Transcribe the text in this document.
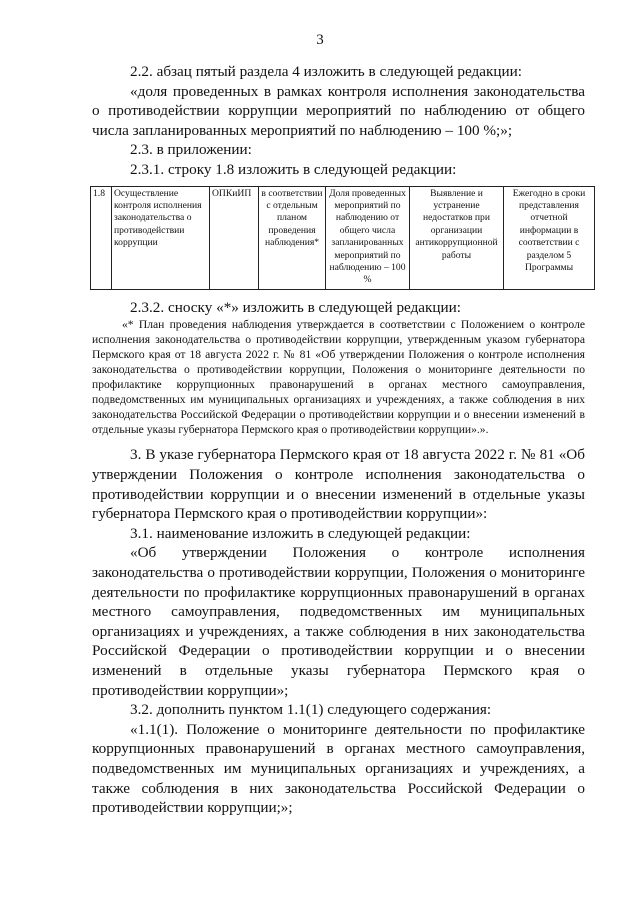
3

2.2. абзац пятый раздела 4 изложить в следующей редакции:

«доля проведенных в рамках контроля исполнения законодательства о противодействии коррупции мероприятий по наблюдению от общего числа запланированных мероприятий по наблюдению – 100 %;»;

2.3. в приложении:

2.3.1. строку 1.8 изложить в следующей редакции:

1.8	Осуществление контроля исполнения законодательства о противодействии коррупции	ОПКиИП	в соответствии с отдельным планом проведения наблюдения*	Доля проведенных мероприятий по наблюдению от общего числа запланированных мероприятий по наблюдению – 100 %	Выявление и устранение недостатков при организации антикоррупционной работы	Ежегодно в сроки представления отчетной информации в соответствии с разделом 5 Программы

2.3.2. сноску «*» изложить в следующей редакции:

«* План проведения наблюдения утверждается в соответствии с Положением о контроле исполнения законодательства о противодействии коррупции, утвержденным указом губернатора Пермского края от 18 августа 2022 г. № 81 «Об утверждении Положения о контроле исполнения законодательства о противодействии коррупции, Положения о мониторинге деятельности по профилактике коррупционных правонарушений в органах местного самоуправления, подведомственных им муниципальных организациях и учреждениях, а также соблюдения в них законодательства Российской Федерации о противодействии коррупции и о внесении изменений в отдельные указы губернатора Пермского края о противодействии коррупции».».

3. В указе губернатора Пермского края от 18 августа 2022 г. № 81 «Об утверждении Положения о контроле исполнения законодательства о противодействии коррупции и о внесении изменений в отдельные указы губернатора Пермского края о противодействии коррупции»:

3.1. наименование изложить в следующей редакции:

«Об утверждении Положения о контроле исполнения законодательства о противодействии коррупции, Положения о мониторинге деятельности по профилактике коррупционных правонарушений в органах местного самоуправления, подведомственных им муниципальных организациях и учреждениях, а также соблюдения в них законодательства Российской Федерации о противодействии коррупции и о внесении изменений в отдельные указы губернатора Пермского края о противодействии коррупции»;

3.2. дополнить пунктом 1.1(1) следующего содержания:

«1.1(1). Положение о мониторинге деятельности по профилактике коррупционных правонарушений в органах местного самоуправления, подведомственных им муниципальных организациях и учреждениях, а также соблюдения в них законодательства Российской Федерации о противодействии коррупции;»;
